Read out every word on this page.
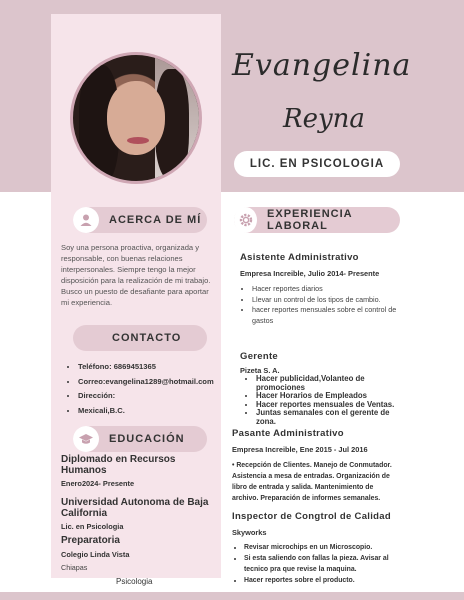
Evangelina
Reyna
LIC. EN PSICOLOGIA
ACERCA DE MÍ
Soy una persona proactiva, organizada y responsable, con buenas relaciones interpersonales. Siempre tengo la mejor disposición para la realización de mi trabajo. Busco un puesto de desafiante para aportar mi experiencia.
CONTACTO
• Teléfono: 6869451365
• Correo:evangelina1289@hotmail.com
• Dirección:
• Mexicali,B.C.
EDUCACIÓN
Diplomado en Recursos Humanos
Enero2024- Presente
Universidad Autonoma de Baja California
Lic. en Psicologia
Preparatoria
Colegio Linda Vista
Chiapas
EXPERIENCIA LABORAL
Asistente Administrativo
Empresa Increible, Julio 2014- Presente
• Hacer reportes diarios
• Llevar un control de los tipos de cambio.
• hacer reportes mensuales sobre el control de gastos
Gerente
Pizeta S. A.
• Hacer publicidad,Volanteo de promociones
• Hacer Horarios de Empleados
• Hacer reportes mensuales de Ventas.
• Juntas semanales con el gerente de zona.
Pasante Administrativo
Empresa Increible, Ene 2015 - Jul 2016
• Recepción de Clientes. Manejo de Conmutador. Asistencia a mesa de entradas. Organización de libro de entrada y salida. Mantenimiento de archivo. Preparación de informes semanales.
Inspector de Congtrol de Calidad
Skyworks
• Revisar microchips en un Microscopio.
• Si esta saliendo con fallas la pieza. Avisar al tecnico pra que revise la maquina.
• Hacer reportes sobre el producto.
Psicologia
